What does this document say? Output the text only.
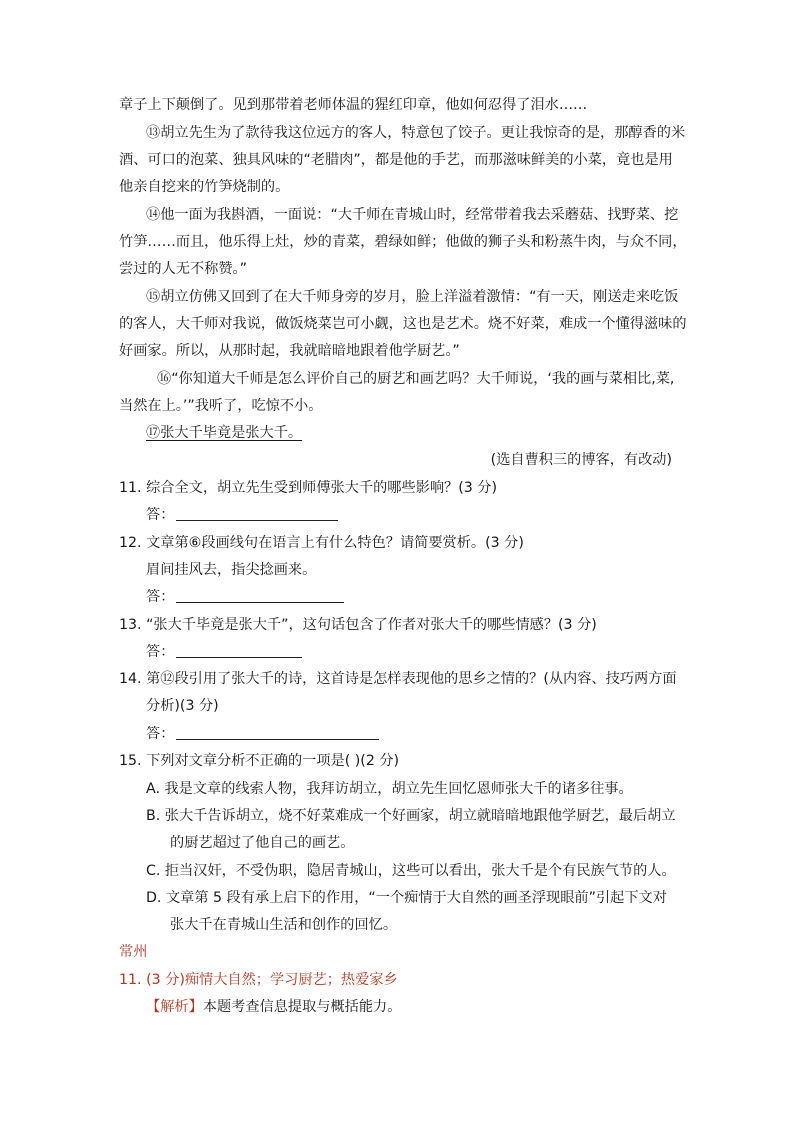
章子上下颠倒了。见到那带着老师体温的猩红印章，他如何忍得了泪水……
⑬胡立先生为了款待我这位远方的客人，特意包了饺子。更让我惊奇的是，那醇香的米
酒、可口的泡菜、独具风味的“老腊肉”，都是他的手艺，而那滋味鲜美的小菜，竟也是用
他亲自挖来的竹笋烧制的。
⑭他一面为我斟酒，一面说：“大千师在青城山时，经常带着我去采蘑菇、找野菜、挖
竹笋……而且，他乐得上灶，炒的青菜，碧绿如鲜；他做的狮子头和粉蒸牛肉，与众不同，
尝过的人无不称赞。”
⑮胡立仿佛又回到了在大千师身旁的岁月，脸上洋溢着激情：“有一天，刚送走来吃饭
的客人，大千师对我说，做饭烧菜岂可小觑，这也是艺术。烧不好菜，难成一个懂得滋味的
好画家。所以，从那时起，我就暗暗地跟着他学厨艺。”
⑯“你知道大千师是怎么评价自己的厨艺和画艺吗？大千师说，‘我的画与菜相比,菜,
当然在上。’”我听了，吃惊不小。
⑰张大千毕竟是张大千。
(选自曹积三的博客，有改动)
11. 综合全文，胡立先生受到师傅张大千的哪些影响？(3 分)
答：
12. 文章第⑥段画线句在语言上有什么特色？请简要赏析。(3 分)
眉间挂风去，指尖捻画来。
答：
13. “张大千毕竟是张大千”，这句话包含了作者对张大千的哪些情感？(3 分)
答：
14. 第⑫段引用了张大千的诗，这首诗是怎样表现他的思乡之情的？(从内容、技巧两方面
分析)(3 分)
答：
15. 下列对文章分析不正确的一项是( )(2 分)
A. 我是文章的线索人物，我拜访胡立，胡立先生回忆恩师张大千的诸多往事。
B. 张大千告诉胡立，烧不好菜难成一个好画家，胡立就暗暗地跟他学厨艺，最后胡立
的厨艺超过了他自己的画艺。
C. 拒当汉奸，不受伪职，隐居青城山，这些可以看出，张大千是个有民族气节的人。
D. 文章第 5 段有承上启下的作用，“一个痴情于大自然的画圣浮现眼前”引起下文对
张大千在青城山生活和创作的回忆。
常州
11. (3 分)痴情大自然；学习厨艺；热爱家乡
【解析】本题考查信息提取与概括能力。
